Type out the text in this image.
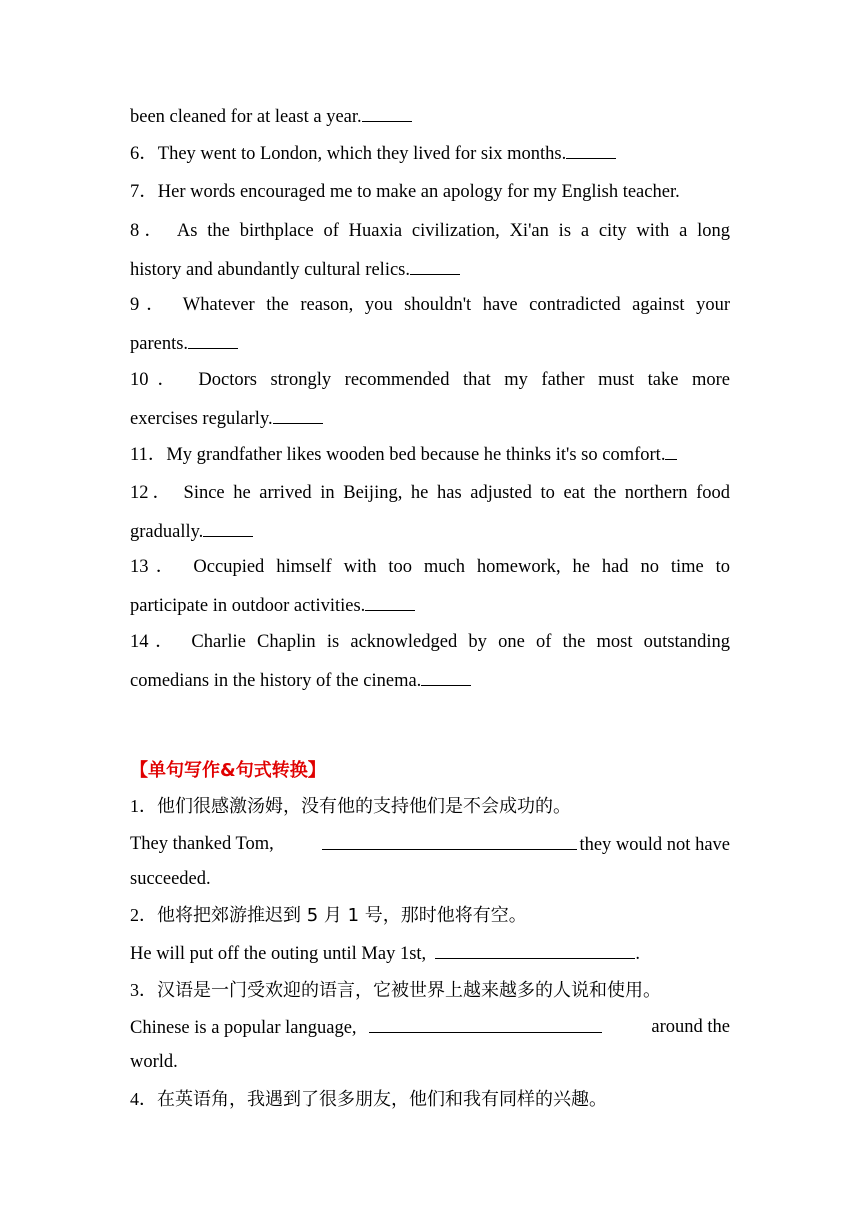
been cleaned for at least a year.
6．They went to London, which they lived for six months.
7．Her words encouraged me to make an apology for my English teacher.
8． As the birthplace of Huaxia civilization, Xi'an is a city with a long
history and abundantly cultural relics.
9． Whatever the reason, you shouldn't have contradicted against your
parents.
10． Doctors strongly recommended that my father must take more
exercises regularly.
11．My grandfather likes wooden bed because he thinks it's so comfort.
12． Since he arrived in Beijing, he has adjusted to eat the northern food
gradually.
13． Occupied himself with too much homework, he had no time to
participate in outdoor activities.
14． Charlie Chaplin is acknowledged by one of the most outstanding
comedians in the history of the cinema.
【单句写作&句式转换】
1．他们很感激汤姆，没有他的支持他们是不会成功的。
They thanked Tom,	they would not have
succeeded.
2．他将把郊游推迟到 5 月 1 号，那时他将有空。
He will put off the outing until May 1st,	.
3．汉语是一门受欢迎的语言，它被世界上越来越多的人说和使用。
Chinese is a popular language,	around the
world.
4．在英语角，我遇到了很多朋友，他们和我有同样的兴趣。
